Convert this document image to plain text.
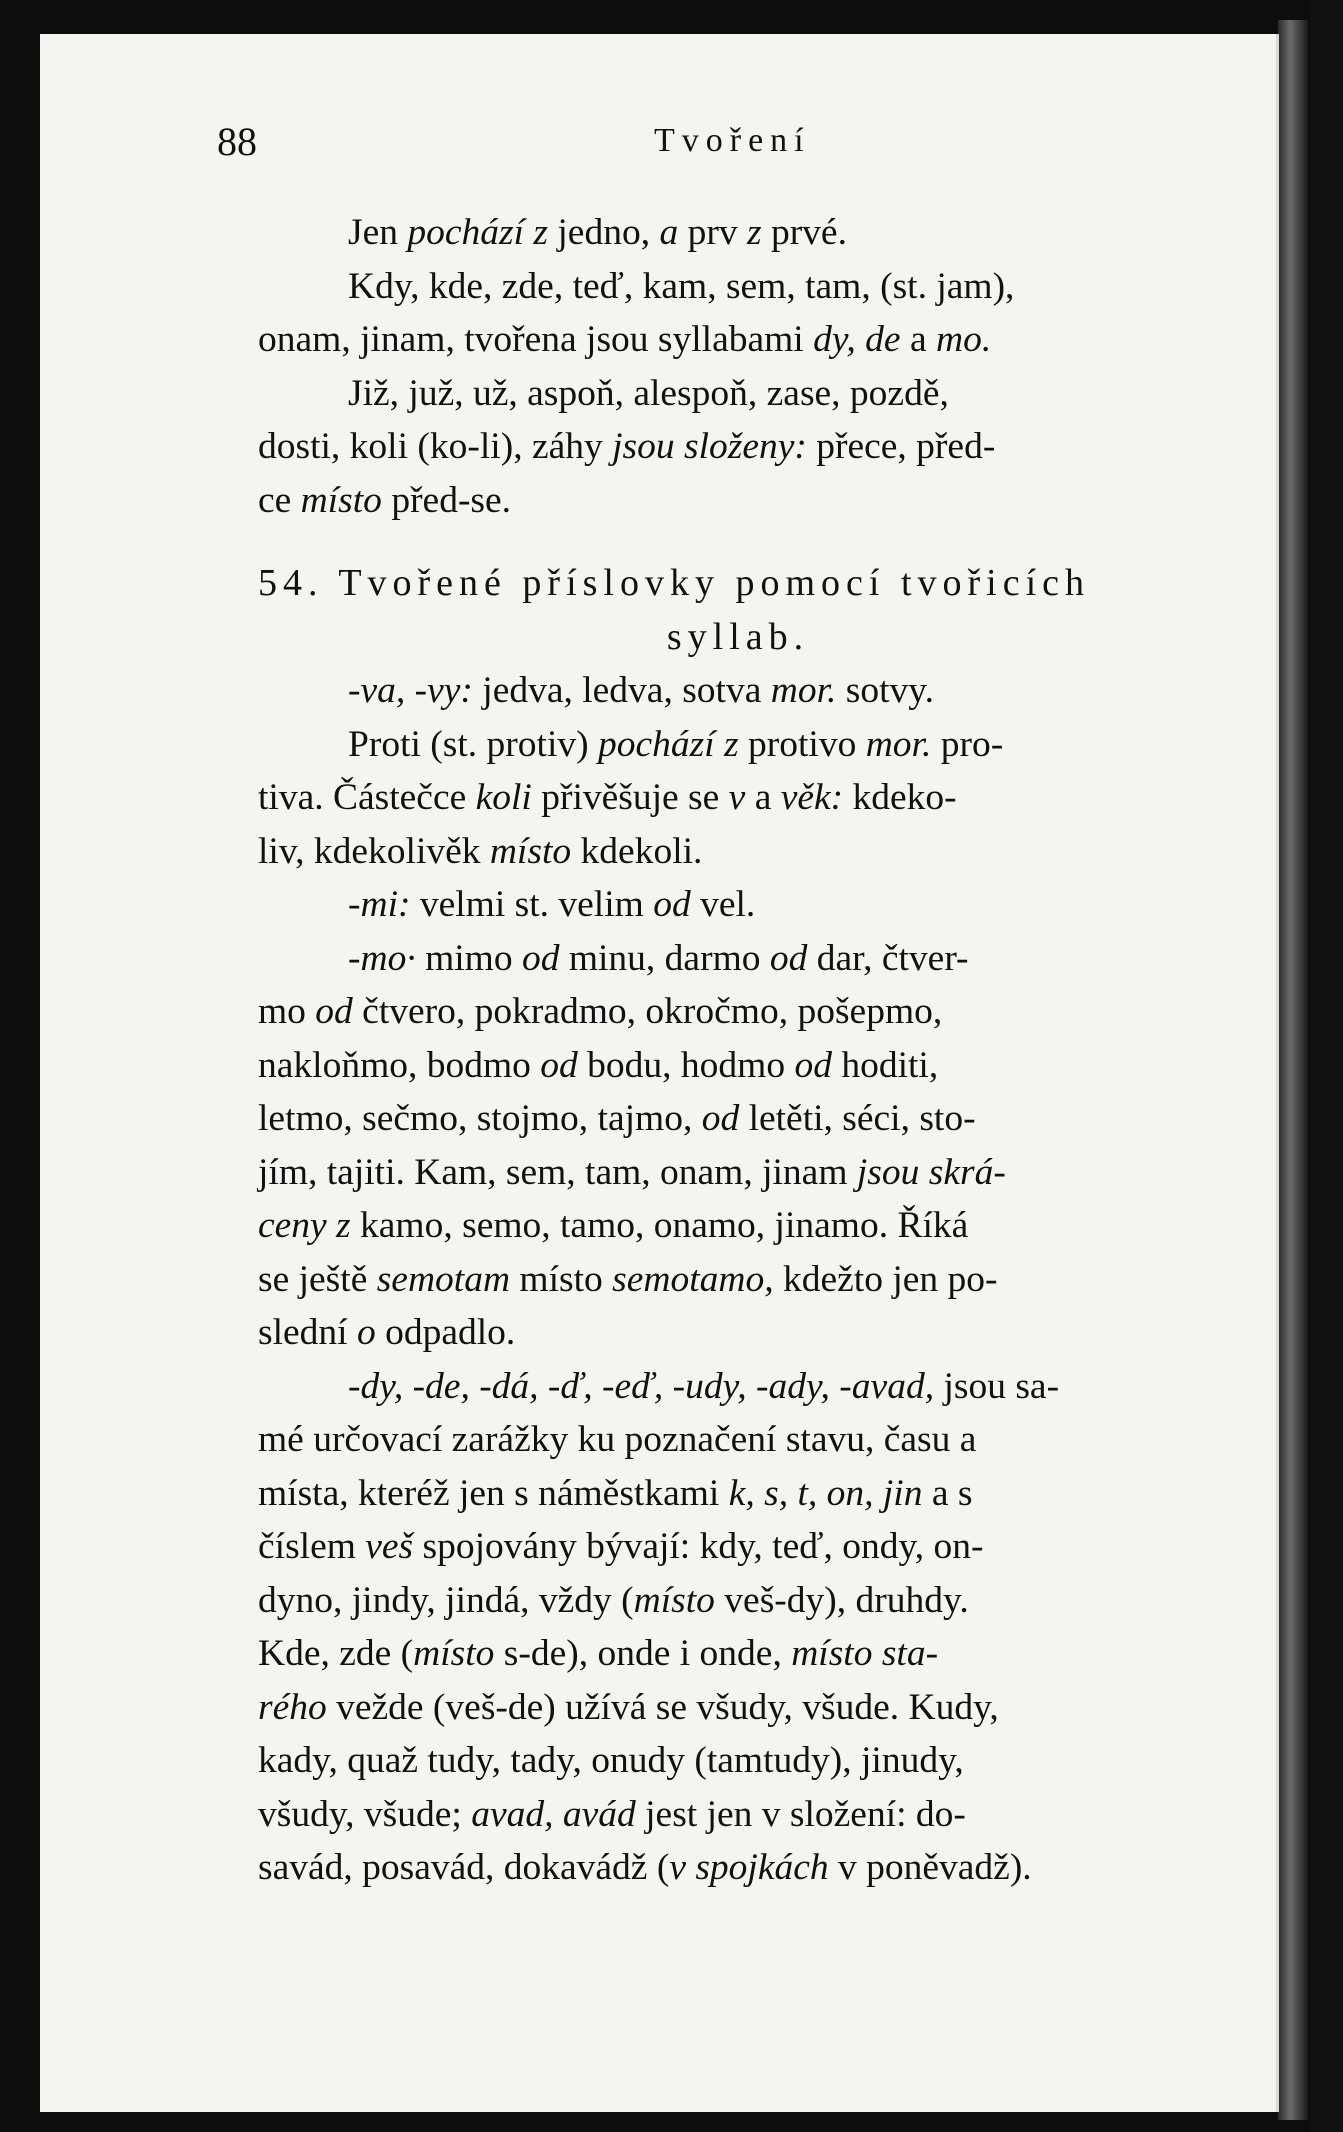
88	Tvoření
Jen pochází z jedno, a prv z prvé.
Kdy, kde, zde, teď, kam, sem, tam, (st. jam),
onam, jinam, tvořena jsou syllabami dy, de a mo.
Již, juž, už, aspoň, alespoň, zase, pozdě,
dosti, koli (ko-li), záhy jsou složeny: přece, před-
ce místo před-se.
54. Tvořené příslovky pomocí tvořicích
syllab.
-va, -vy: jedva, ledva, sotva mor. sotvy.
Proti (st. protiv) pochází z protivo mor. pro-
tiva. Částečce koli přivěšuje se v a věk: kdeko-
liv, kdekolivěk místo kdekoli.
-mi: velmi st. velim od vel.
-mo· mimo od minu, darmo od dar, čtver-
mo od čtvero, pokradmo, okročmo, pošepmo,
nakloňmo, bodmo od bodu, hodmo od hoditi,
letmo, sečmo, stojmo, tajmo, od letěti, séci, sto-
jím, tajiti. Kam, sem, tam, onam, jinam jsou skrá-
ceny z kamo, semo, tamo, onamo, jinamo. Říká
se ještě semotam místo semotamo, kdežto jen po-
slední o odpadlo.
-dy, -de, -dá, -ď, -eď, -udy, -ady, -avad, jsou sa-
mé určovací zarážky ku poznačení stavu, času a
místa, kteréž jen s náměstkami k, s, t, on, jin a s
číslem veš spojovány bývají: kdy, teď, ondy, on-
dyno, jindy, jindá, vždy (místo veš-dy), druhdy.
Kde, zde (místo s-de), onde i onde, místo sta-
rého vežde (veš-de) užívá se všudy, všude. Kudy,
kady, quaž tudy, tady, onudy (tamtudy), jinudy,
všudy, všude; avad, avád jest jen v složení: do-
savád, posavád, dokavádž (v spojkách v poněvadž).
